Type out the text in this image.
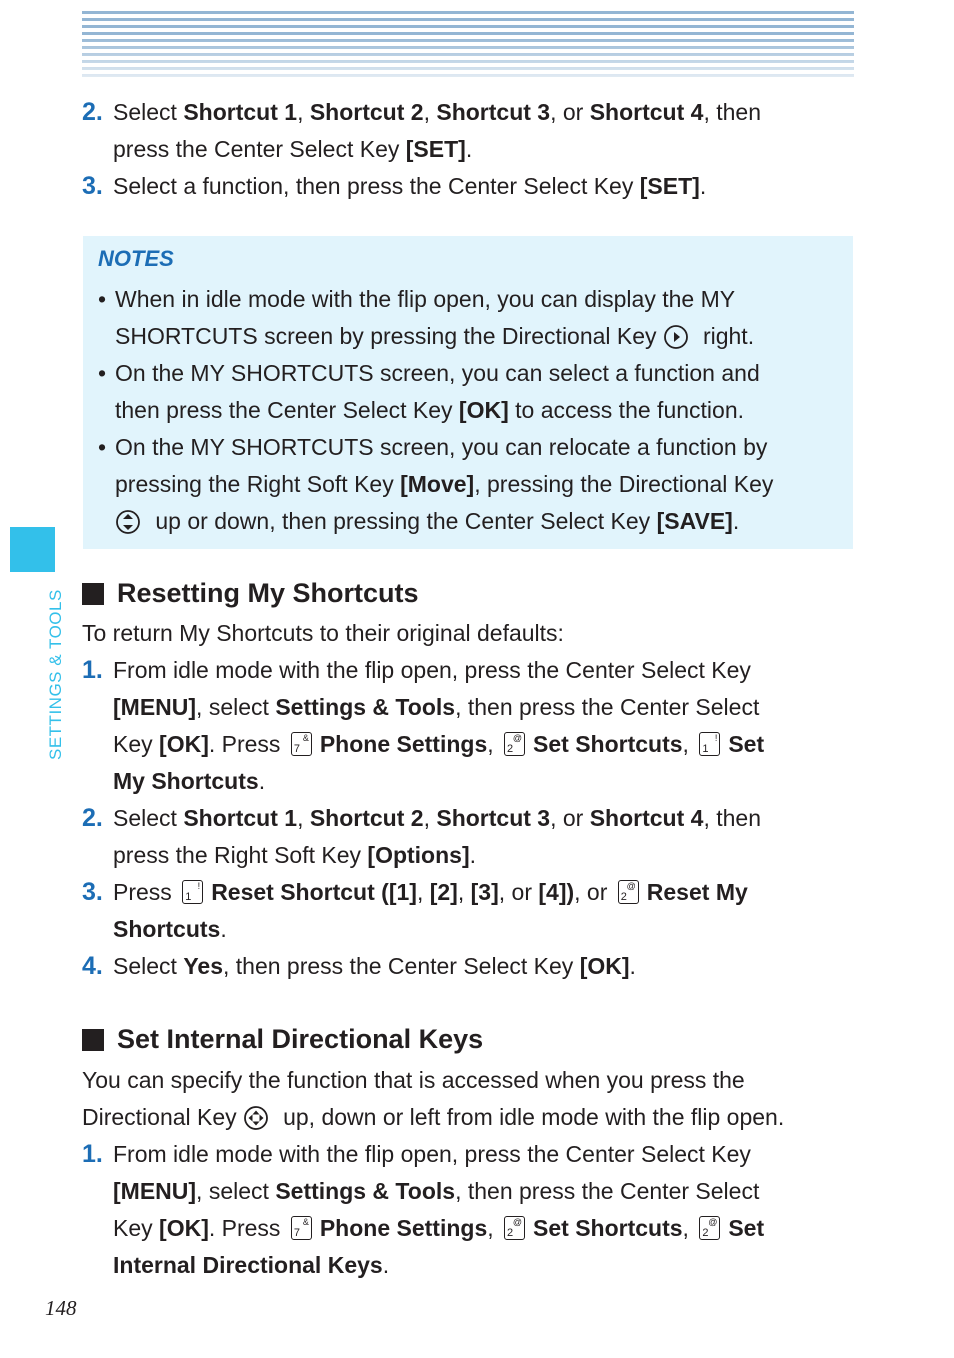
SETTINGS & TOOLS
2. Select Shortcut 1, Shortcut 2, Shortcut 3, or Shortcut 4, then
press the Center Select Key [SET].
3. Select a function, then press the Center Select Key [SET].
NOTES
• When in idle mode with the flip open, you can display the MY
SHORTCUTS screen by pressing the Directional Key right.
• On the MY SHORTCUTS screen, you can select a function and
then press the Center Select Key [OK] to access the function.
• On the MY SHORTCUTS screen, you can relocate a function by
pressing the Right Soft Key [Move], pressing the Directional Key
up or down, then pressing the Center Select Key [SAVE].
Resetting My Shortcuts
To return My Shortcuts to their original defaults:
1. From idle mode with the flip open, press the Center Select Key
[MENU], select Settings & Tools, then press the Center Select
Key [OK]. Press 7
& Phone Settings, 2
@ Set Shortcuts, 1
! Set
My Shortcuts.
2. Select Shortcut 1, Shortcut 2, Shortcut 3, or Shortcut 4, then
press the Right Soft Key [Options].
3. Press 1
! Reset Shortcut ([1], [2], [3], or [4]), or 2
@ Reset My
Shortcuts.
4. Select Yes, then press the Center Select Key [OK].
Set Internal Directional Keys
You can specify the function that is accessed when you press the
Directional Key up, down or left from idle mode with the flip open.
1. From idle mode with the flip open, press the Center Select Key
[MENU], select Settings & Tools, then press the Center Select
Key [OK]. Press 7
& Phone Settings, 2
@ Set Shortcuts, 2
@ Set
Internal Directional Keys.
148
